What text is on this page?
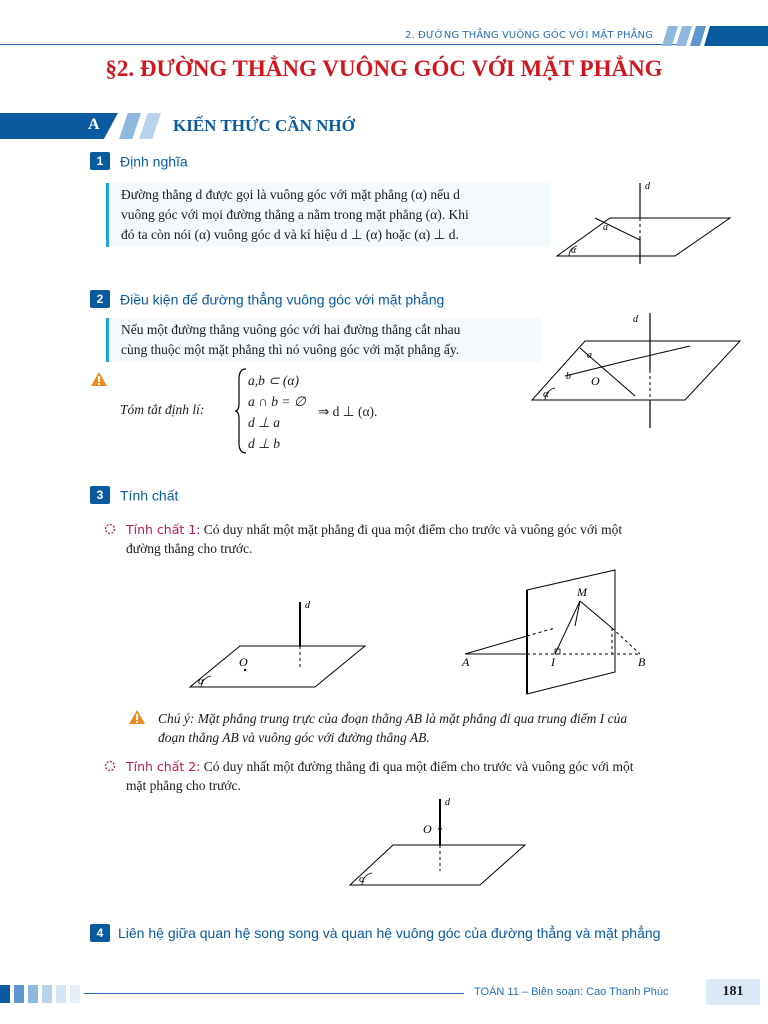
2. ĐƯỜNG THẲNG VUÔNG GÓC VỚI MẶT PHẲNG
§2. ĐƯỜNG THẲNG VUÔNG GÓC VỚI MẶT PHẲNG
A	KIẾN THỨC CẦN NHỚ
1 Định nghĩa
Đường thẳng d được gọi là vuông góc với mặt phẳng (α) nếu d
vuông góc với mọi đường thẳng a nằm trong mặt phẳng (α). Khi
đó ta còn nói (α) vuông góc d và kí hiệu d ⊥ (α) hoặc (α) ⊥ d.
d
a
α
2 Điều kiện để đường thẳng vuông góc với mặt phẳng
Nếu một đường thẳng vuông góc với hai đường thẳng cắt nhau
cùng thuộc một mặt phẳng thì nó vuông góc với mặt phẳng ấy.
Tóm tắt định lí:
a,b ⊂ (α)
a ∩ b = ∅
d ⊥ a
d ⊥ b
⇒ d ⊥ (α).
d
a
b O
α
3 Tính chất
Tính chất 1: Có duy nhất một mặt phẳng đi qua một điểm cho trước và vuông góc với một
đường thẳng cho trước.
d
O
α
M
A	I	B
Chú ý: Mặt phẳng trung trực của đoạn thẳng AB là mặt phẳng đi qua trung điểm I của
đoạn thẳng AB và vuông góc với đường thẳng AB.
Tính chất 2: Có duy nhất một đường thẳng đi qua một điểm cho trước và vuông góc với một
mặt phẳng cho trước.
d
O
α
4 Liên hệ giữa quan hệ song song và quan hệ vuông góc của đường thẳng và mặt phẳng
TOÁN 11 – Biên soạn: Cao Thanh Phúc	181
